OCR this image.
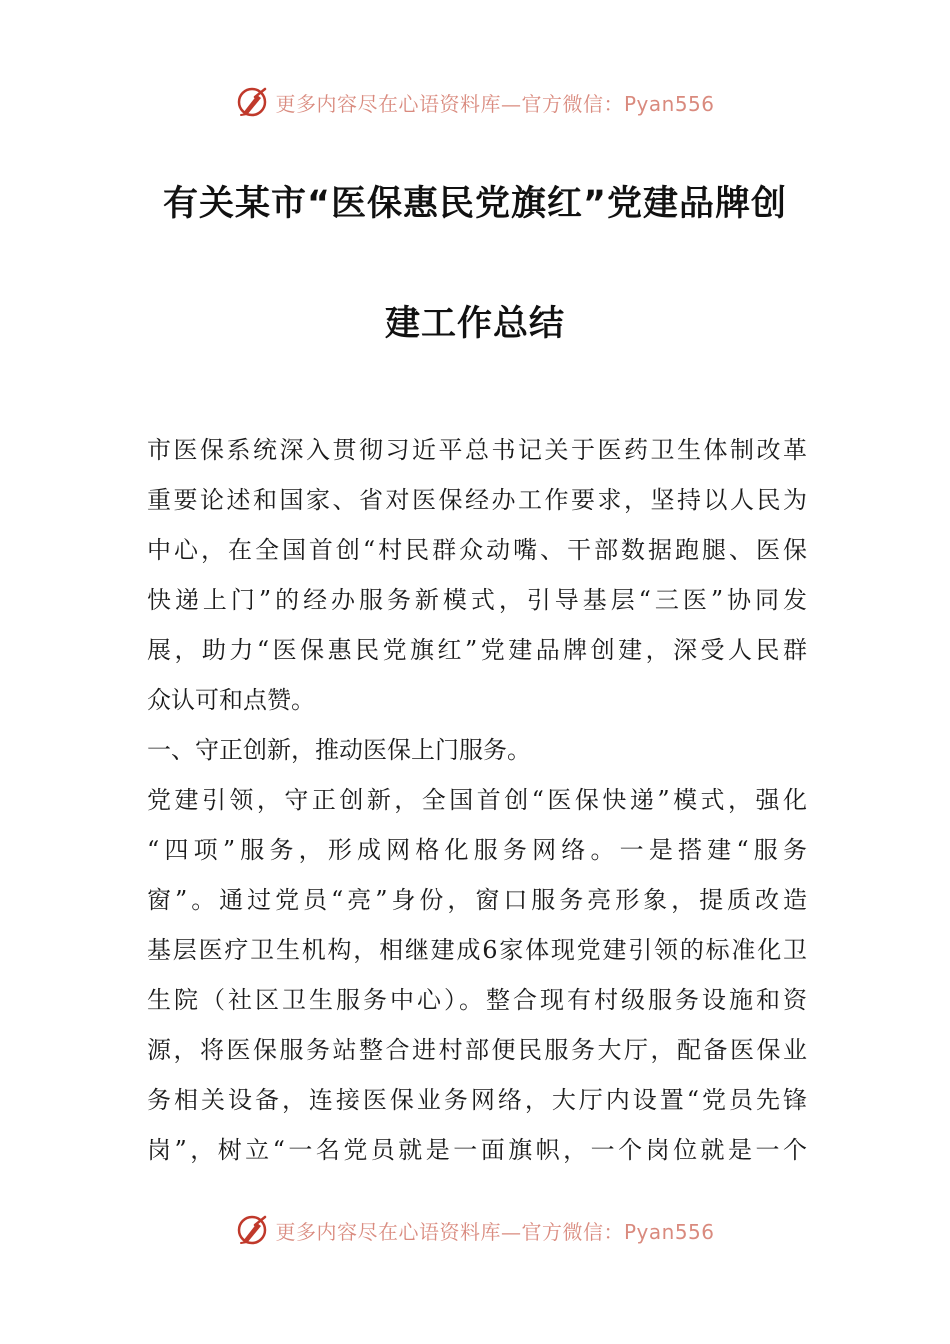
更多内容尽在心语资料库—官方微信：Pyan556
有关某市“医保惠民党旗红”党建品牌创
建工作总结
市医保系统深入贯彻习近平总书记关于医药卫生体制改革
重要论述和国家、省对医保经办工作要求，坚持以人民为
中心，在全国首创“村民群众动嘴、干部数据跑腿、医保
快递上门”的经办服务新模式，引导基层“三医”协同发
展，助力“医保惠民党旗红”党建品牌创建，深受人民群
众认可和点赞。
一、守正创新，推动医保上门服务。
党建引领，守正创新，全国首创“医保快递”模式，强化
“四项”服务，形成网格化服务网络。一是搭建“服务
窗”。通过党员“亮”身份，窗口服务亮形象，提质改造
基层医疗卫生机构，相继建成6家体现党建引领的标准化卫
生院（社区卫生服务中心）。整合现有村级服务设施和资
源，将医保服务站整合进村部便民服务大厅，配备医保业
务相关设备，连接医保业务网络，大厅内设置“党员先锋
岗”，树立“一名党员就是一面旗帜，一个岗位就是一个
更多内容尽在心语资料库—官方微信：Pyan556
